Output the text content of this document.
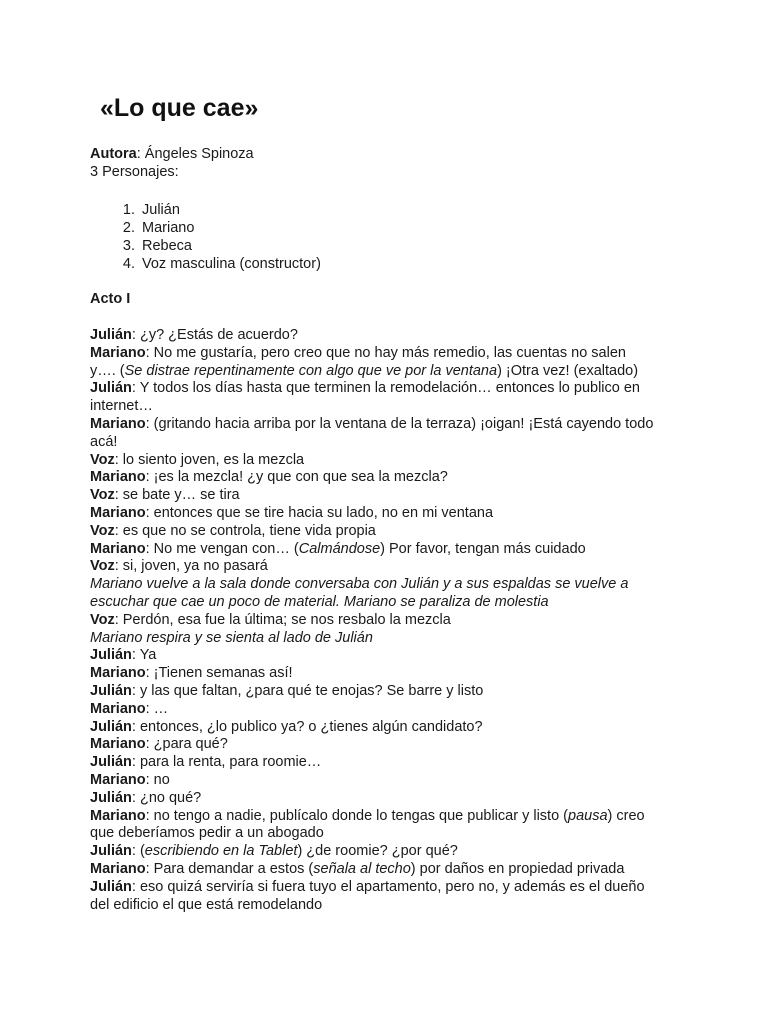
«Lo que cae»
Autora: Ángeles Spinoza
3 Personajes:
1. Julián
2. Mariano
3. Rebeca
4. Voz masculina (constructor)
Acto I
Julián: ¿y? ¿Estás de acuerdo?
Mariano: No me gustaría, pero creo que no hay más remedio, las cuentas no salen
y…. (Se distrae repentinamente con algo que ve por la ventana) ¡Otra vez! (exaltado)
Julián: Y todos los días hasta que terminen la remodelación… entonces lo publico en
internet…
Mariano: (gritando hacia arriba por la ventana de la terraza) ¡oigan! ¡Está cayendo todo
acá!
Voz: lo siento joven, es la mezcla
Mariano: ¡es la mezcla! ¿y que con que sea la mezcla?
Voz: se bate y… se tira
Mariano: entonces que se tire hacia su lado, no en mi ventana
Voz: es que no se controla, tiene vida propia
Mariano: No me vengan con… (Calmándose) Por favor, tengan más cuidado
Voz: si, joven, ya no pasará
Mariano vuelve a la sala donde conversaba con Julián y a sus espaldas se vuelve a
escuchar que cae un poco de material. Mariano se paraliza de molestia
Voz: Perdón, esa fue la última; se nos resbalo la mezcla
Mariano respira y se sienta al lado de Julián
Julián: Ya
Mariano: ¡Tienen semanas así!
Julián: y las que faltan, ¿para qué te enojas? Se barre y listo
Mariano: …
Julián: entonces, ¿lo publico ya? o ¿tienes algún candidato?
Mariano: ¿para qué?
Julián: para la renta, para roomie…
Mariano: no
Julián: ¿no qué?
Mariano: no tengo a nadie, publícalo donde lo tengas que publicar y listo (pausa) creo
que deberíamos pedir a un abogado
Julián: (escribiendo en la Tablet) ¿de roomie? ¿por qué?
Mariano: Para demandar a estos (señala al techo) por daños en propiedad privada
Julián: eso quizá serviría si fuera tuyo el apartamento, pero no, y además es el dueño
del edificio el que está remodelando
